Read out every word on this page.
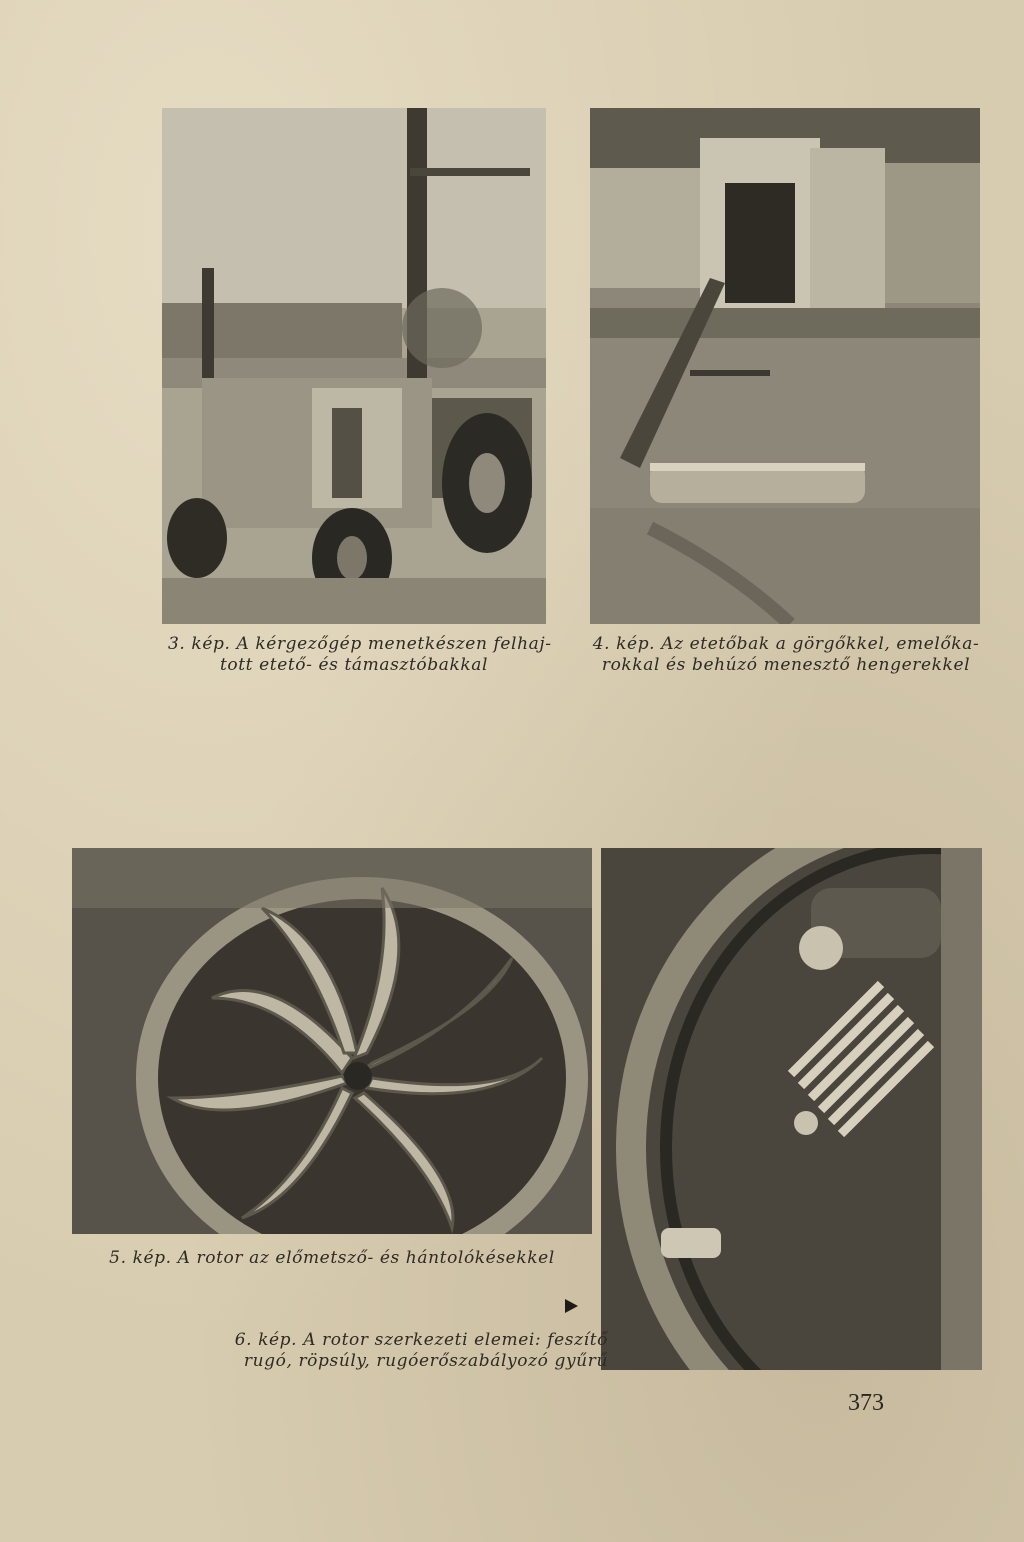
3. kép. A kérgezőgép menetkészen felhaj-
tott etető- és támasztóbakkal
4. kép. Az etetőbak a görgőkkel, emelőka-
rokkal és behúzó menesztő hengerekkel
5. kép. A rotor az előmetsző- és hántolókésekkel
6. kép. A rotor szerkezeti elemei: feszítő
rugó, röpsúly, rugóerőszabályozó gyűrű
373
